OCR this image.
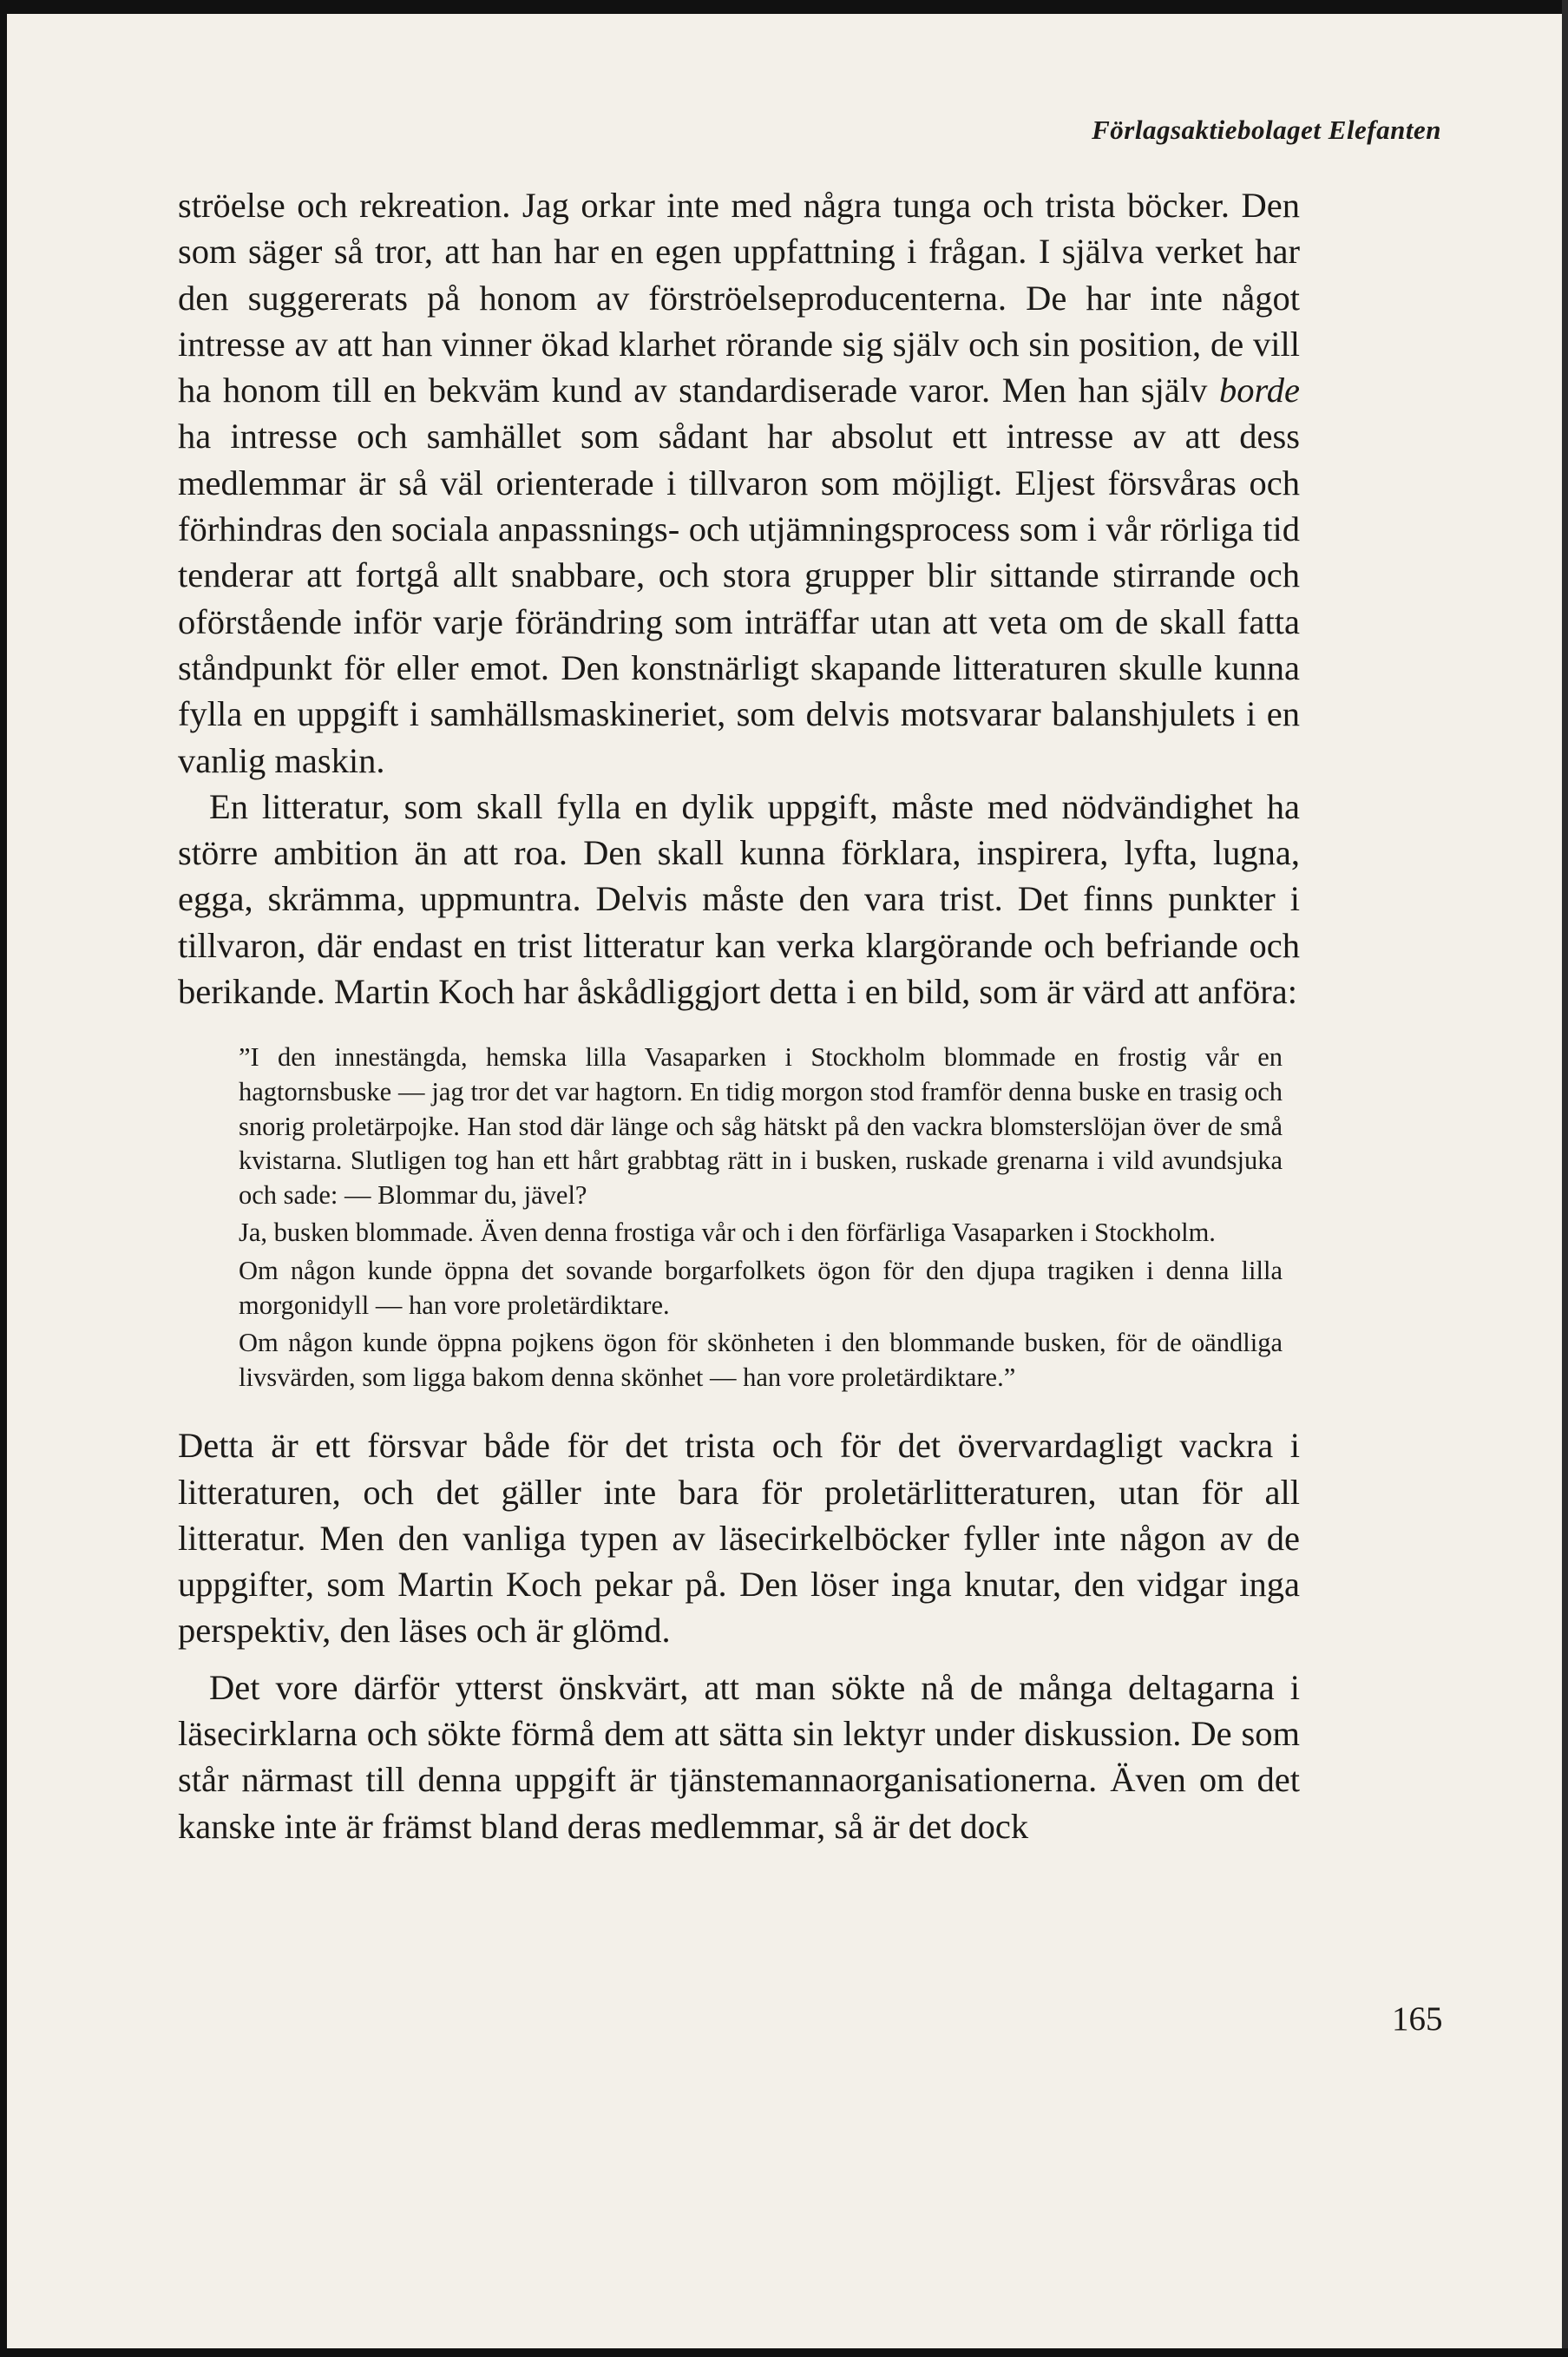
Förlagsaktiebolaget Elefanten

ströelse och rekreation. Jag orkar inte med några tunga och trista böcker. Den som säger så tror, att han har en egen uppfattning i frågan. I själva verket har den suggererats på honom av förströelseproducenterna. De har inte något intresse av att han vinner ökad klarhet rörande sig själv och sin position, de vill ha honom till en bekväm kund av standardiserade varor. Men han själv borde ha intresse och samhället som sådant har absolut ett intresse av att dess medlemmar är så väl orienterade i tillvaron som möjligt. Eljest försvåras och förhindras den sociala anpassnings- och utjämningsprocess som i vår rörliga tid tenderar att fortgå allt snabbare, och stora grupper blir sittande stirrande och oförstående inför varje förändring som inträffar utan att veta om de skall fatta ståndpunkt för eller emot. Den konstnärligt skapande litteraturen skulle kunna fylla en uppgift i samhällsmaskineriet, som delvis motsvarar balanshjulets i en vanlig maskin.

En litteratur, som skall fylla en dylik uppgift, måste med nödvändighet ha större ambition än att roa. Den skall kunna förklara, inspirera, lyfta, lugna, egga, skrämma, uppmuntra. Delvis måste den vara trist. Det finns punkter i tillvaron, där endast en trist litteratur kan verka klargörande och befriande och berikande. Martin Koch har åskådliggjort detta i en bild, som är värd att anföra:

”I den innestängda, hemska lilla Vasaparken i Stockholm blommade en frostig vår en hagtornsbuske — jag tror det var hagtorn. En tidig morgon stod framför denna buske en trasig och snorig proletärpojke. Han stod där länge och såg hätskt på den vackra blomsterslöjan över de små kvistarna. Slutligen tog han ett hårt grabbtag rätt in i busken, ruskade grenarna i vild avundsjuka och sade: — Blommar du, jävel?

Ja, busken blommade. Även denna frostiga vår och i den förfärliga Vasaparken i Stockholm.

Om någon kunde öppna det sovande borgarfolkets ögon för den djupa tragiken i denna lilla morgonidyll — han vore proletärdiktare.

Om någon kunde öppna pojkens ögon för skönheten i den blommande busken, för de oändliga livsvärden, som ligga bakom denna skönhet — han vore proletärdiktare.”

Detta är ett försvar både för det trista och för det övervardagligt vackra i litteraturen, och det gäller inte bara för proletärlitteraturen, utan för all litteratur. Men den vanliga typen av läsecirkelböcker fyller inte någon av de uppgifter, som Martin Koch pekar på. Den löser inga knutar, den vidgar inga perspektiv, den läses och är glömd.

Det vore därför ytterst önskvärt, att man sökte nå de många deltagarna i läsecirklarna och sökte förmå dem att sätta sin lektyr under diskussion. De som står närmast till denna uppgift är tjänstemannaorganisationerna. Även om det kanske inte är främst bland deras medlemmar, så är det dock

165
